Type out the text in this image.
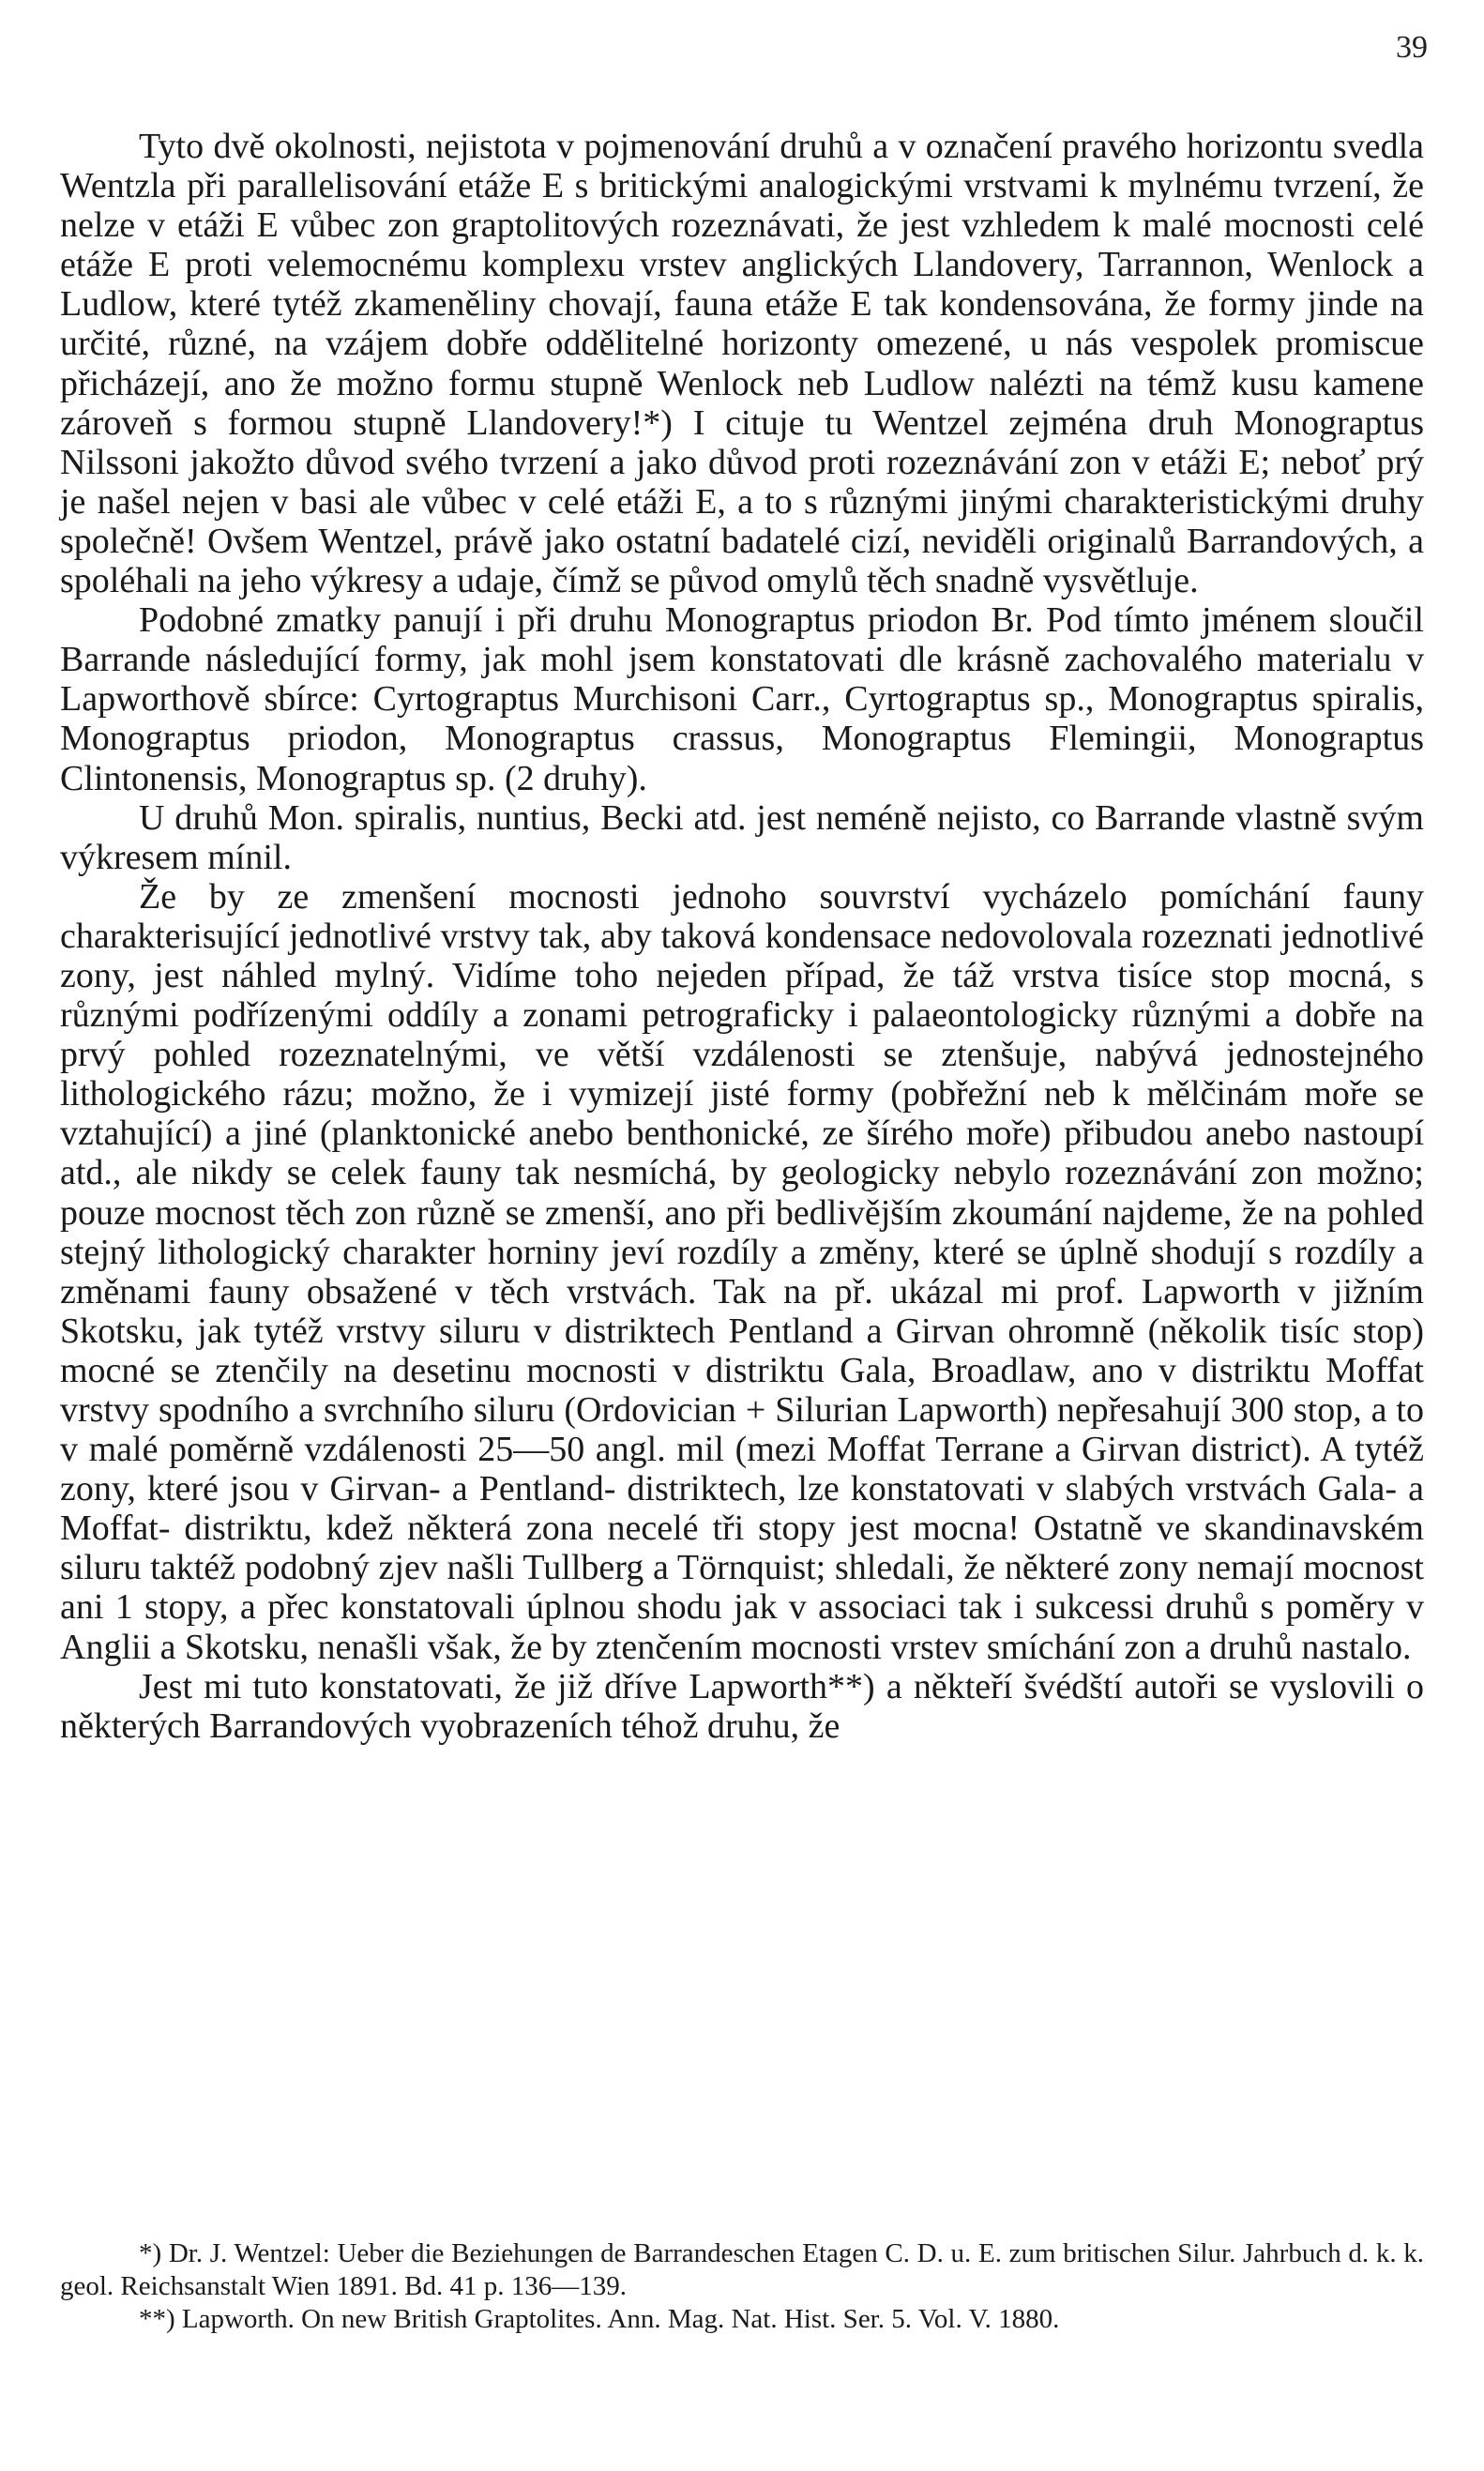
39

Tyto dvě okolnosti, nejistota v pojmenování druhů a v označení pravého horizontu svedla Wentzla při parallelisování etáže E s britickými analogickými vrstvami k mylnému tvrzení, že nelze v etáži E vůbec zon graptolitových rozeznávati, že jest vzhledem k malé mocnosti celé etáže E proti velemocnému komplexu vrstev anglických Llandovery, Tarrannon, Wenlock a Ludlow, které tytéž zkameněliny chovají, fauna etáže E tak kondensována, že formy jinde na určité, různé, na vzájem dobře oddělitelné horizonty omezené, u nás vespolek promiscue přicházejí, ano že možno formu stupně Wenlock neb Ludlow nalézti na témž kusu kamene zároveň s formou stupně Llandovery!*) I cituje tu Wentzel zejména druh Monograptus Nilssoni jakožto důvod svého tvrzení a jako důvod proti rozeznávání zon v etáži E; neboť prý je našel nejen v basi ale vůbec v celé etáži E, a to s různými jinými charakteristickými druhy společně! Ovšem Wentzel, právě jako ostatní badatelé cizí, neviděli originalů Barrandových, a spoléhali na jeho výkresy a udaje, čímž se původ omylů těch snadně vysvětluje.

Podobné zmatky panují i při druhu Monograptus priodon Br. Pod tímto jménem sloučil Barrande následující formy, jak mohl jsem konstatovati dle krásně zachovalého materialu v Lapworthově sbírce: Cyrtograptus Murchisoni Carr., Cyrtograptus sp., Monograptus spiralis, Monograptus priodon, Monograptus crassus, Monograptus Flemingii, Monograptus Clintonensis, Monograptus sp. (2 druhy).

U druhů Mon. spiralis, nuntius, Becki atd. jest neméně nejisto, co Barrande vlastně svým výkresem mínil.

Že by ze zmenšení mocnosti jednoho souvrství vycházelo pomíchání fauny charakterisující jednotlivé vrstvy tak, aby taková kondensace nedovolovala rozeznati jednotlivé zony, jest náhled mylný. Vidíme toho nejeden případ, že táž vrstva tisíce stop mocná, s různými podřízenými oddíly a zonami petrograficky i palaeontologicky různými a dobře na prvý pohled rozeznatelnými, ve větší vzdálenosti se ztenšuje, nabývá jednostejného lithologického rázu; možno, že i vymizejí jisté formy (pobřežní neb k mělčinám moře se vztahující) a jiné (planktonické anebo benthonické, ze šírého moře) přibudou anebo nastoupí atd., ale nikdy se celek fauny tak nesmíchá, by geologicky nebylo rozeznávání zon možno; pouze mocnost těch zon různě se zmenší, ano při bedlivějším zkoumání najdeme, že na pohled stejný lithologický charakter horniny jeví rozdíly a změny, které se úplně shodují s rozdíly a změnami fauny obsažené v těch vrstvách. Tak na př. ukázal mi prof. Lapworth v jižním Skotsku, jak tytéž vrstvy siluru v distriktech Pentland a Girvan ohromně (několik tisíc stop) mocné se ztenčily na desetinu mocnosti v distriktu Gala, Broadlaw, ano v distriktu Moffat vrstvy spodního a svrchního siluru (Ordovician + Silurian Lapworth) nepřesahují 300 stop, a to v malé poměrně vzdálenosti 25—50 angl. mil (mezi Moffat Terrane a Girvan district). A tytéž zony, které jsou v Girvan- a Pentland- distriktech, lze konstatovati v slabých vrstvách Gala- a Moffat- distriktu, kdež některá zona necelé tři stopy jest mocna! Ostatně ve skandinavském siluru taktéž podobný zjev našli Tullberg a Törnquist; shledali, že některé zony nemají mocnost ani 1 stopy, a přec konstatovali úplnou shodu jak v associaci tak i sukcessi druhů s poměry v Anglii a Skotsku, nenašli však, že by ztenčením mocnosti vrstev smíchání zon a druhů nastalo.

Jest mi tuto konstatovati, že již dříve Lapworth**) a někteří švédští autoři se vyslovili o některých Barrandových vyobrazeních téhož druhu, že

*) Dr. J. Wentzel: Ueber die Beziehungen de Barrandeschen Etagen C. D. u. E. zum britischen Silur. Jahrbuch d. k. k. geol. Reichsanstalt Wien 1891. Bd. 41 p. 136—139.

**) Lapworth. On new British Graptolites. Ann. Mag. Nat. Hist. Ser. 5. Vol. V. 1880.
